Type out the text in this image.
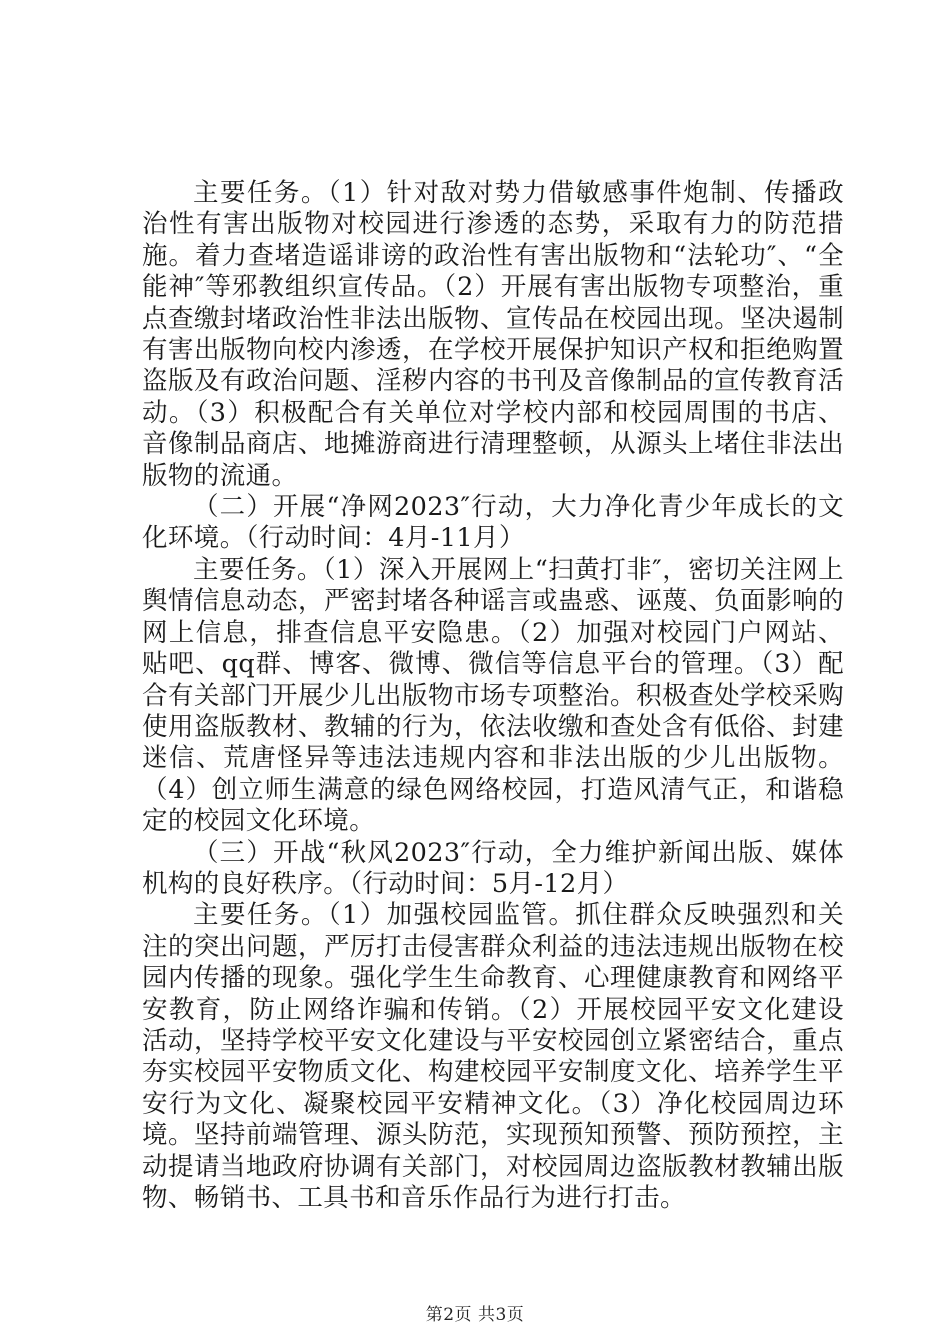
主要任务。（1）针对敌对势力借敏感事件炮制、传播政治性有害出版物对校园进行渗透的态势，采取有力的防范措施。着力查堵造谣诽谤的政治性有害出版物和“法轮功″、“全能神″等邪教组织宣传品。（2）开展有害出版物专项整治，重点查缴封堵政治性非法出版物、宣传品在校园出现。坚决遏制有害出版物向校内渗透，在学校开展保护知识产权和拒绝购置盗版及有政治问题、淫秽内容的书刊及音像制品的宣传教育活动。（3）积极配合有关单位对学校内部和校园周围的书店、音像制品商店、地摊游商进行清理整顿，从源头上堵住非法出版物的流通。

（二）开展“净网2023″行动，大力净化青少年成长的文化环境。（行动时间：4月-11月）

主要任务。（1）深入开展网上“扫黄打非″，密切关注网上舆情信息动态，严密封堵各种谣言或蛊惑、诬蔑、负面影响的网上信息，排查信息平安隐患。（2）加强对校园门户网站、贴吧、qq群、博客、微博、微信等信息平台的管理。（3）配合有关部门开展少儿出版物市场专项整治。积极查处学校采购使用盗版教材、教辅的行为，依法收缴和查处含有低俗、封建迷信、荒唐怪异等违法违规内容和非法出版的少儿出版物。（4）创立师生满意的绿色网络校园，打造风清气正，和谐稳定的校园文化环境。

（三）开战“秋风2023″行动，全力维护新闻出版、媒体机构的良好秩序。（行动时间：5月-12月）

主要任务。（1）加强校园监管。抓住群众反映强烈和关注的突出问题，严厉打击侵害群众利益的违法违规出版物在校园内传播的现象。强化学生生命教育、心理健康教育和网络平安教育，防止网络诈骗和传销。（2）开展校园平安文化建设活动，坚持学校平安文化建设与平安校园创立紧密结合，重点夯实校园平安物质文化、构建校园平安制度文化、培养学生平安行为文化、凝聚校园平安精神文化。（3）净化校园周边环境。坚持前端管理、源头防范，实现预知预警、预防预控，主动提请当地政府协调有关部门，对校园周边盗版教材教辅出版物、畅销书、工具书和音乐作品行为进行打击。

第2页 共3页
